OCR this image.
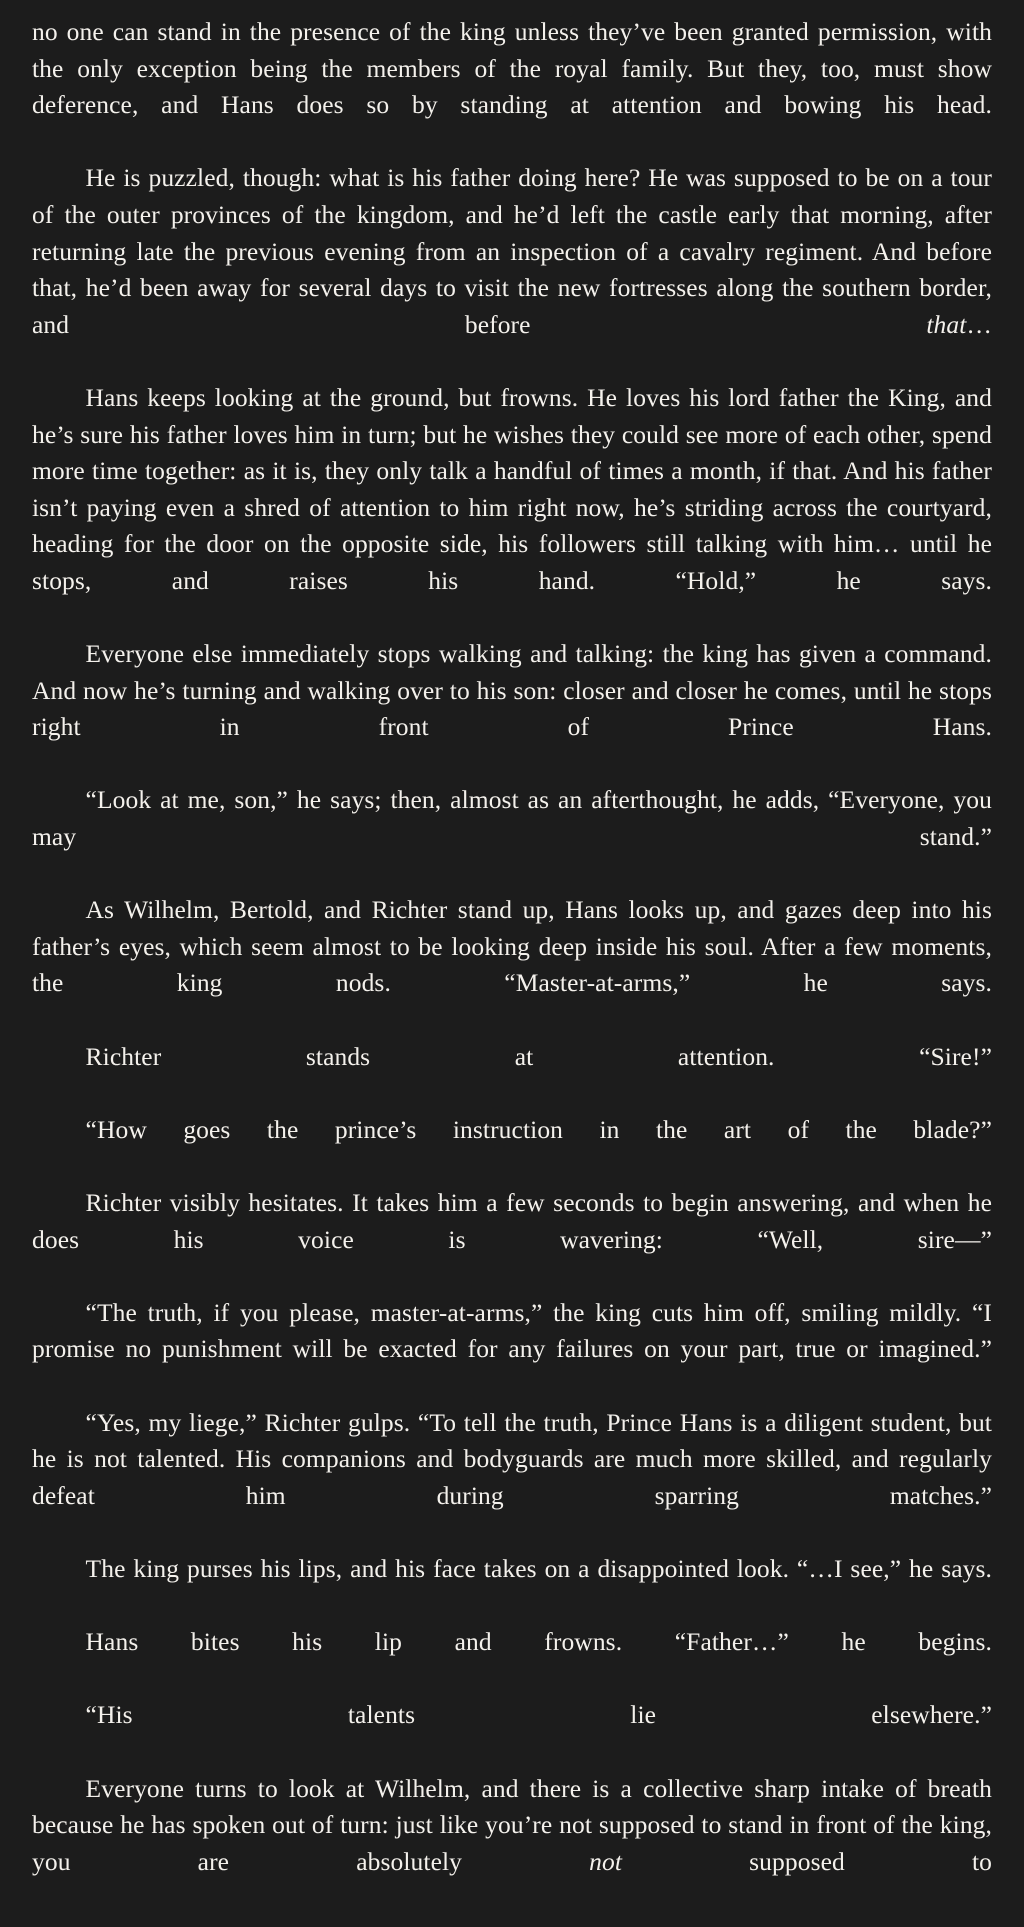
no one can stand in the presence of the king unless they’ve been granted permission, with the only exception being the members of the royal family. But they, too, must show deference, and Hans does so by standing at attention and bowing his head.

He is puzzled, though: what is his father doing here? He was supposed to be on a tour of the outer provinces of the kingdom, and he’d left the castle early that morning, after returning late the previous evening from an inspection of a cavalry regiment. And before that, he’d been away for several days to visit the new fortresses along the southern border, and before that…

Hans keeps looking at the ground, but frowns. He loves his lord father the King, and he’s sure his father loves him in turn; but he wishes they could see more of each other, spend more time together: as it is, they only talk a handful of times a month, if that. And his father isn’t paying even a shred of attention to him right now, he’s striding across the courtyard, heading for the door on the opposite side, his followers still talking with him… until he stops, and raises his hand. “Hold,” he says.

Everyone else immediately stops walking and talking: the king has given a command. And now he’s turning and walking over to his son: closer and closer he comes, until he stops right in front of Prince Hans.

“Look at me, son,” he says; then, almost as an afterthought, he adds, “Everyone, you may stand.”

As Wilhelm, Bertold, and Richter stand up, Hans looks up, and gazes deep into his father’s eyes, which seem almost to be looking deep inside his soul. After a few moments, the king nods. “Master-at-arms,” he says.

Richter stands at attention. “Sire!”

“How goes the prince’s instruction in the art of the blade?”

Richter visibly hesitates. It takes him a few seconds to begin answering, and when he does his voice is wavering: “Well, sire—”

“The truth, if you please, master-at-arms,” the king cuts him off, smiling mildly. “I promise no punishment will be exacted for any failures on your part, true or imagined.”

“Yes, my liege,” Richter gulps. “To tell the truth, Prince Hans is a diligent student, but he is not talented. His companions and bodyguards are much more skilled, and regularly defeat him during sparring matches.”

The king purses his lips, and his face takes on a disappointed look. “…I see,” he says.

Hans bites his lip and frowns. “Father…” he begins.

“His talents lie elsewhere.”

Everyone turns to look at Wilhelm, and there is a collective sharp intake of breath because he has spoken out of turn: just like you’re not supposed to stand in front of the king, you are absolutely not supposed to
